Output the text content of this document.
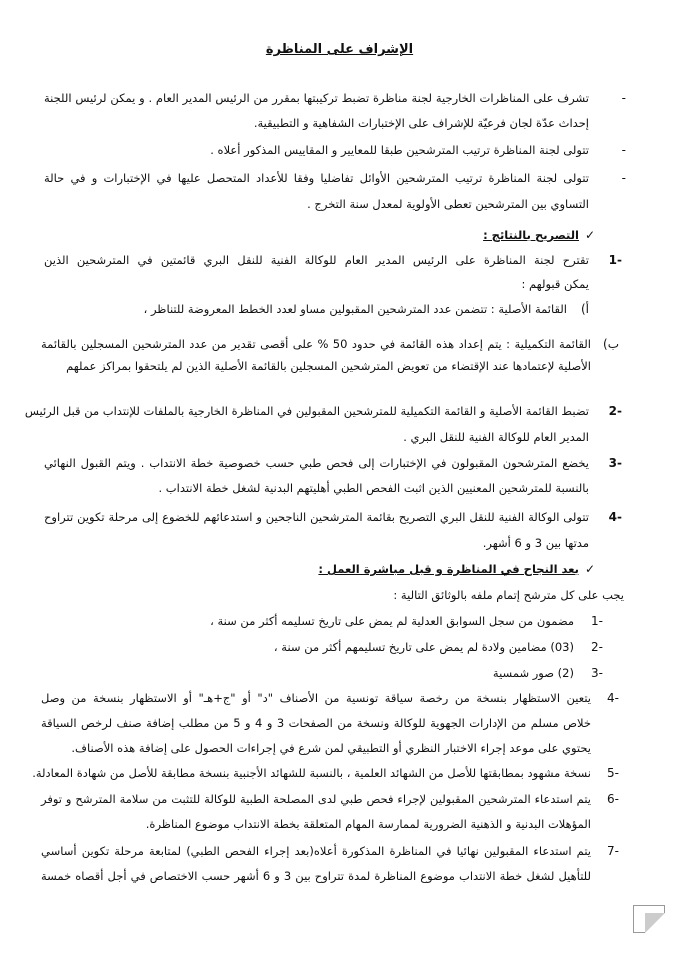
الإشراف على المناظرة
-
تشرف على المناظرات الخارجية لجنة مناظرة تضبط تركيبتها بمقرر من الرئيس المدير العام . و يمكن لرئيس اللجنة
إحداث عدّة لجان فرعيّة للإشراف على الإختبارات الشفاهية و التطبيقية.
-
تتولى لجنة المناظرة ترتيب المترشحين طبقا للمعايير و المقاييس المذكور أعلاه .
-
تتولى لجنة المناظرة ترتيب المترشحين الأوائل تفاضليا وفقا للأعداد المتحصل عليها في الإختبارات و في حالة
التساوي بين المترشحين تعطى الأولوية لمعدل سنة التخرج .
✓
التصريح بالنتائج :
-1
تقترح لجنة المناظرة على الرئيس المدير العام للوكالة الفنية للنقل البري قائمتين في المترشحين الذين
يمكن قبولهم :
أ)
القائمة الأصلية : تتضمن عدد المترشحين المقبولين مساو لعدد الخطط المعروضة للتناظر ،
ب)
القائمة التكميلية : يتم إعداد هذه القائمة في حدود 50 % على أقصى تقدير من عدد المترشحين المسجلين بالقائمة
الأصلية لإعتمادها عند الإقتضاء من تعويض المترشحين المسجلين بالقائمة الأصلية الذين لم يلتحقوا بمراكز عملهم
-2
تضبط القائمة الأصلية و القائمة التكميلية للمترشحين المقبولين في المناظرة الخارجية بالملفات للإنتداب من قبل الرئيس
المدير العام للوكالة الفنية للنقل البري .
-3
يخضع المترشحون المقبولون في الإختبارات إلى فحص طبي حسب خصوصية خطة الانتداب . ويتم القبول النهائي
بالنسبة للمترشحين المعنيين الذين اثبت الفحص الطبي أهليتهم البدنية لشغل خطة الانتداب .
-4
تتولى الوكالة الفنية للنقل البري التصريح بقائمة المترشحين الناجحين و استدعائهم للخضوع إلى مرحلة تكوين تتراوح
مدتها بين 3 و 6 أشهر.
✓
بعد النجاح في المناظرة و قبل مباشرة العمل :
يجب على كل مترشح إتمام ملفه بالوثائق التالية :
-1
مضمون من سجل السوابق العدلية لم يمض على تاريخ تسليمه أكثر من سنة ،
-2
(03) مضامين ولادة لم يمض على تاريخ تسليمهم أكثر من سنة ،
-3
(2) صور شمسية
-4
يتعين الاستظهار بنسخة من رخصة سياقة تونسية من الأصناف "د" أو "ج+هـ" أو الاستظهار بنسخة من وصل
خلاص مسلم من الإدارات الجهوية للوكالة ونسخة من الصفحات 3 و 4 و 5 من مطلب إضافة صنف لرخص السياقة
يحتوي على موعد إجراء الاختبار النظري أو التطبيقي لمن شرع في إجراءات الحصول على إضافة هذه الأصناف.
-5
نسخة مشهود بمطابقتها للأصل من الشهائد العلمية ، بالنسبة للشهائد الأجنبية بنسخة مطابقة للأصل من شهادة المعادلة.
-6
يتم استدعاء المترشحين المقبولين لإجراء فحص طبي لدى المصلحة الطبية للوكالة للتثبت من سلامة المترشح و توفر
المؤهلات البدنية و الذهنية الضرورية لممارسة المهام المتعلقة بخطة الانتداب موضوع المناظرة.
-7
يتم استدعاء المقبولين نهائيا في المناظرة المذكورة أعلاه(بعد إجراء الفحص الطبي) لمتابعة مرحلة تكوين أساسي
للتأهيل لشغل خطة الانتداب موضوع المناظرة لمدة تتراوح بين 3 و 6 أشهر حسب الاختصاص في أجل أقصاه خمسة
8
